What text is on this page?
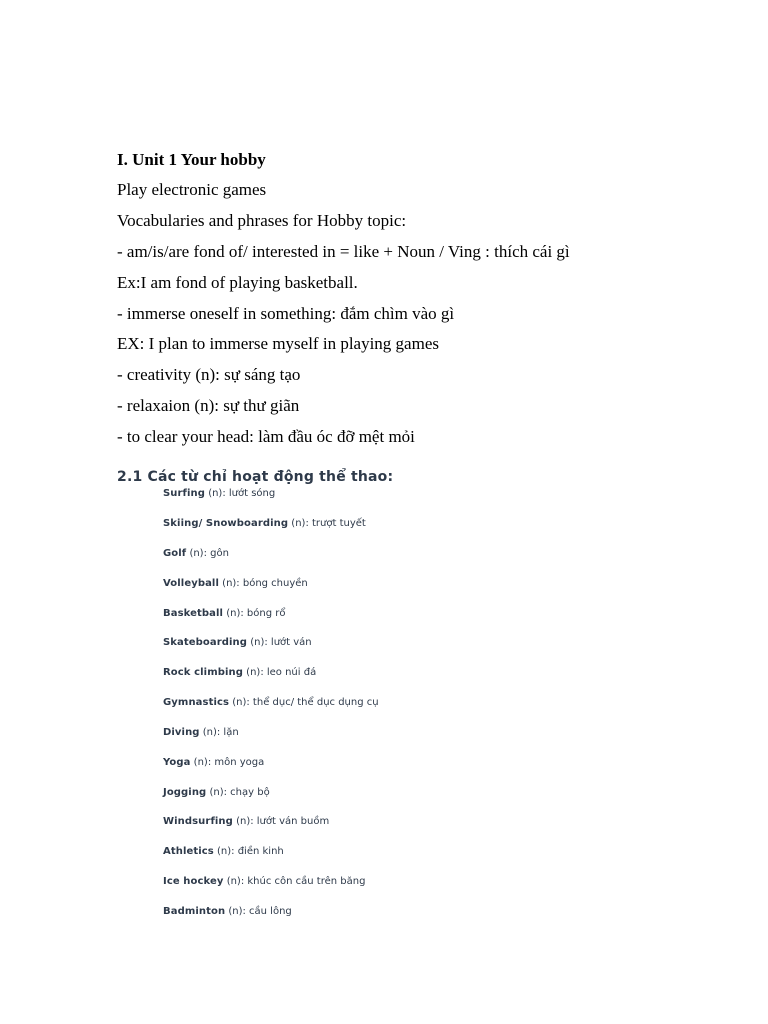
I. Unit 1 Your hobby
Play electronic games
Vocabularies and phrases for Hobby topic:
- am/is/are fond of/ interested in = like + Noun / Ving : thích cái gì
Ex:I am fond of playing basketball.
- immerse oneself in something: đắm chìm vào gì
EX: I plan to immerse myself in playing games
- creativity (n): sự sáng tạo
- relaxaion (n): sự thư giãn
- to clear your head: làm đầu óc đỡ mệt mỏi
2.1 Các từ chỉ hoạt động thể thao:
Surfing (n): lướt sóng
Skiing/ Snowboarding (n): trượt tuyết
Golf (n): gôn
Volleyball (n): bóng chuyền
Basketball (n): bóng rổ
Skateboarding (n): lướt ván
Rock climbing (n): leo núi đá
Gymnastics (n): thể dục/ thể dục dụng cụ
Diving (n): lặn
Yoga (n): môn yoga
Jogging (n): chạy bộ
Windsurfing (n): lướt ván buồm
Athletics (n): điền kinh
Ice hockey (n): khúc côn cầu trên băng
Badminton (n): cầu lông
